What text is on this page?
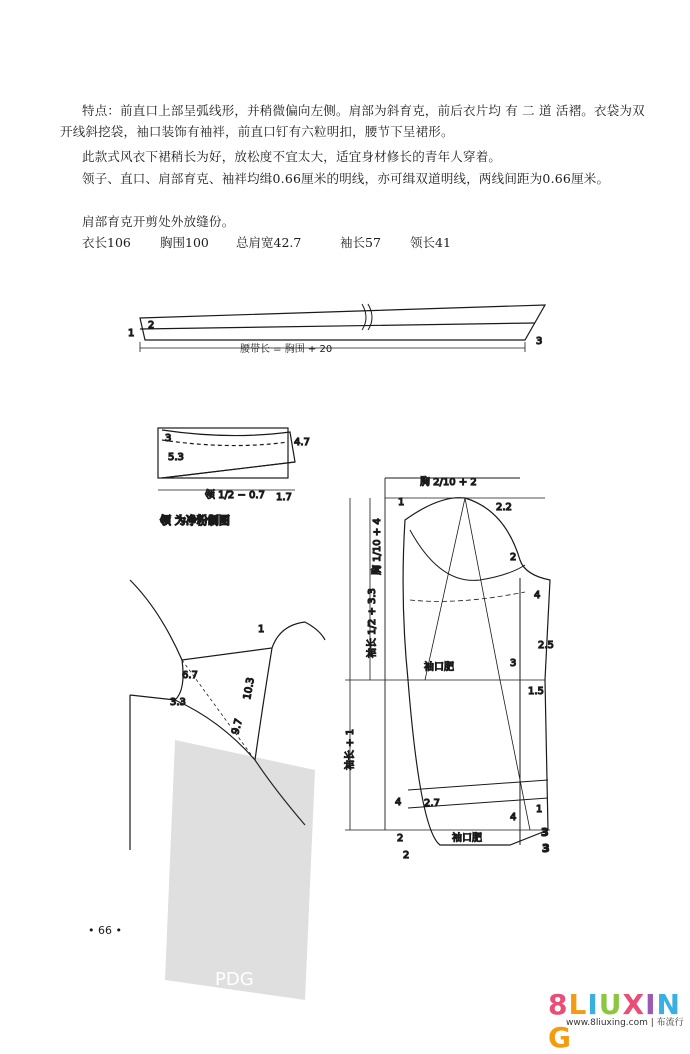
特点：前直口上部呈弧线形，并稍微偏向左侧。肩部为斜育克，前后衣片均 有 二 道 活褶。衣袋为双开线斜挖袋，袖口装饰有袖袢，前直口钉有六粒明扣，腰节下呈裙形。
此款式风衣下裙稍长为好，放松度不宜太大，适宜身材修长的青年人穿着。
领子、直口、肩部育克、袖袢均缉0.66厘米的明线，亦可缉双道明线，两线间距为0.66厘米。
肩部育克开剪处外放缝份。
衣长106 胸围100 总肩宽42.7	袖长57 领长41
1
2
3
腰带长 = 胸围 + 20
3
5.3
4.7
1.7
领 1/2 − 0.7
领 为净粉制图
1
6.7
3.3
10.3
9.7
1	2.2
2
4
2.5
3
1.5
4 2.7
1
4
2	3
3
2
胸 2/10 + 2
袖长 1/2 + 3.3
胸 1/10 + 4
袖长 + 1
袖口肥
袖口肥
PDG
• 66 •
8LIUXING
www.8liuxing.com | 布流行
